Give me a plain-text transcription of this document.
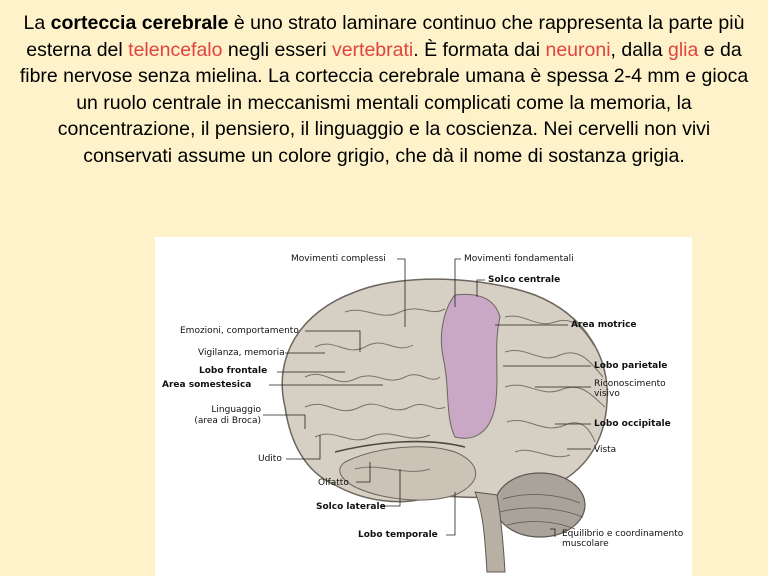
La corteccia cerebrale è uno strato laminare continuo che rappresenta la parte più esterna del telencefalo negli esseri vertebrati. È formata dai neuroni, dalla glia e da fibre nervose senza mielina. La corteccia cerebrale umana è spessa 2-4 mm e gioca un ruolo centrale in meccanismi mentali complicati come la memoria, la concentrazione, il pensiero, il linguaggio e la coscienza. Nei cervelli non vivi conservati assume un colore grigio, che dà il nome di sostanza grigia.
Movimenti complessi	Movimenti fondamentali
Solco centrale
Area motrice
Emozioni, comportamento
Vigilanza, memoria
Lobo frontale
Area somestesica
Lobo parietale
Riconoscimento
visivo
Linguaggio
(area di Broca)	Lobo occipitale
Vista
Udito
Olfatto
Solco laterale
Lobo temporale	Equilibrio e coordinamento
muscolare
